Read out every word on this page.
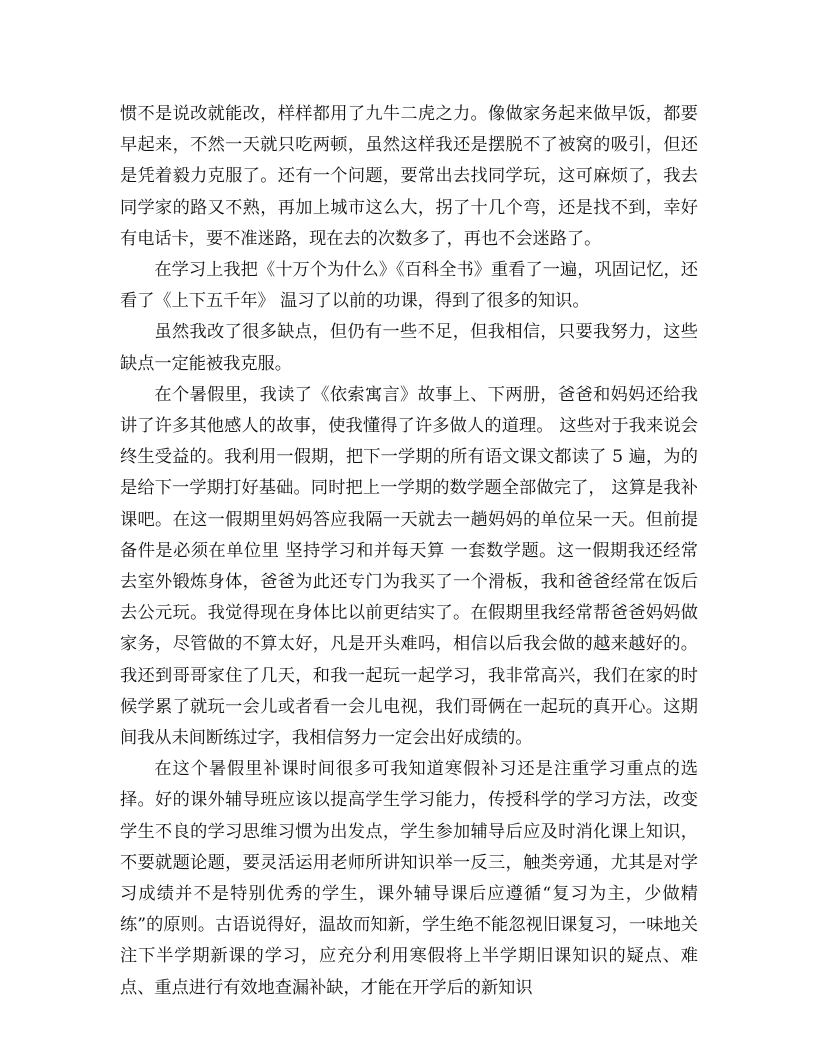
惯不是说改就能改，样样都用了九牛二虎之力。像做家务起来做早饭，都要早起来，不然一天就只吃两顿，虽然这样我还是摆脱不了被窝的吸引，但还是凭着毅力克服了。还有一个问题，要常出去找同学玩，这可麻烦了，我去同学家的路又不熟，再加上城市这么大，拐了十几个弯，还是找不到，幸好有电话卡，要不准迷路，现在去的次数多了，再也不会迷路了。

在学习上我把《十万个为什么》《百科全书》重看了一遍，巩固记忆，还看了《上下五千年》 温习了以前的功课，得到了很多的知识。

虽然我改了很多缺点，但仍有一些不足，但我相信，只要我努力，这些缺点一定能被我克服。

在个暑假里，我读了《依索寓言》故事上、下两册，爸爸和妈妈还给我讲了许多其他感人的故事，使我懂得了许多做人的道理。 这些对于我来说会终生受益的。我利用一假期，把下一学期的所有语文课文都读了 5 遍，为的是给下一学期打好基础。同时把上一学期的数学题全部做完了， 这算是我补课吧。在这一假期里妈妈答应我隔一天就去一趟妈妈的单位呆一天。但前提备件是必须在单位里 坚持学习和并每天算 一套数学题。这一假期我还经常去室外锻炼身体，爸爸为此还专门为我买了一个滑板，我和爸爸经常在饭后去公元玩。我觉得现在身体比以前更结实了。在假期里我经常帮爸爸妈妈做家务，尽管做的不算太好，凡是开头难吗，相信以后我会做的越来越好的。 我还到哥哥家住了几天，和我一起玩一起学习，我非常高兴，我们在家的时候学累了就玩一会儿或者看一会儿电视，我们哥俩在一起玩的真开心。这期间我从未间断练过字，我相信努力一定会出好成绩的。

在这个暑假里补课时间很多可我知道寒假补习还是注重学习重点的选择。好的课外辅导班应该以提高学生学习能力，传授科学的学习方法，改变学生不良的学习思维习惯为出发点，学生参加辅导后应及时消化课上知识，不要就题论题，要灵活运用老师所讲知识举一反三，触类旁通，尤其是对学习成绩并不是特别优秀的学生，课外辅导课后应遵循“复习为主，少做精练”的原则。古语说得好，温故而知新，学生绝不能忽视旧课复习，一味地关注下半学期新课的学习，应充分利用寒假将上半学期旧课知识的疑点、难点、重点进行有效地查漏补缺，才能在开学后的新知识
